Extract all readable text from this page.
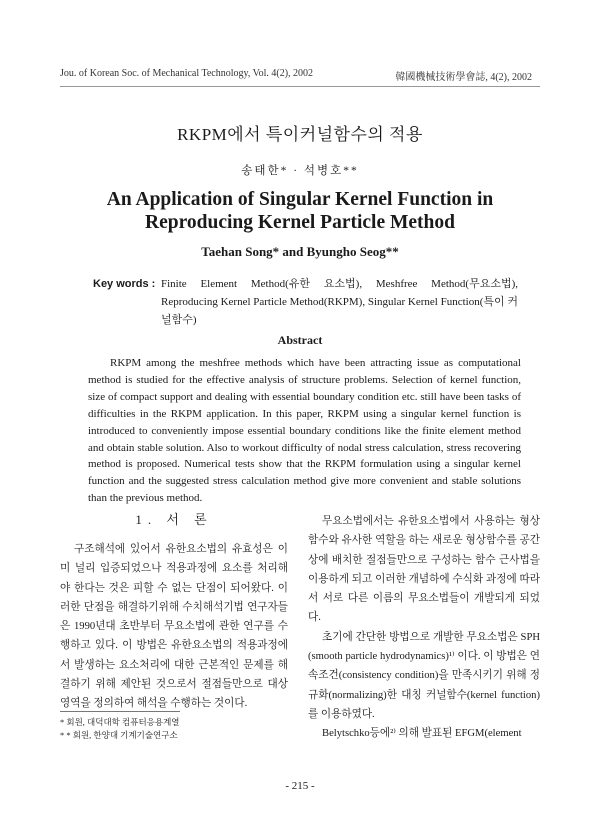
Jou. of Korean Soc. of Mechanical Technology, Vol. 4(2), 2002	韓國機械技術學會誌, 4(2), 2002
RKPM에서 특이커널함수의 적용
송태한* · 석병호**
An Application of Singular Kernel Function in
Reproducing Kernel Particle Method
Taehan Song* and Byungho Seog**
Key words : Finite Element Method(유한 요소법), Meshfree Method(무요소법), Reproducing Kernel Particle Method(RKPM), Singular Kernel Function(특이 커널함수)
Abstract
RKPM among the meshfree methods which have been attracting issue as computational method is studied for the effective analysis of structure problems. Selection of kernel function, size of compact support and dealing with essential boundary condition etc. still have been tasks of difficulties in the RKPM application. In this paper, RKPM using a singular kernel function is introduced to conveniently impose essential boundary conditions like the finite element method and obtain stable solution. Also to workout difficulty of nodal stress calculation, stress recovering method is proposed. Numerical tests show that the RKPM formulation using a singular kernel function and the suggested stress calculation method give more convenient and stable solutions than the previous method.
1. 서 론

구조해석에 있어서 유한요소법의 유효성은 이미 널리 입증되었으나 적용과정에 요소를 처리해야 한다는 것은 피할 수 없는 단점이 되어왔다. 이러한 단점을 해결하기위해 수치해석기법 연구자들은 1990년대 초반부터 무요소법에 관한 연구를 수행하고 있다. 이 방법은 유한요소법의 적용과정에서 발생하는 요소처리에 대한 근본적인 문제를 해결하기 위해 제안된 것으로서 절점들만으로 대상영역을 정의하여 해석을 수행하는 것이다.

무요소법에서는 유한요소법에서 사용하는 형상함수와 유사한 역할을 하는 새로운 형상함수를 공간상에 배치한 절점들만으로 구성하는 함수 근사법을 이용하게 되고 이러한 개념하에 수식화 과정에 따라서 서로 다른 이름의 무요소법들이 개발되게 되었다.

초기에 간단한 방법으로 개발한 무요소법은 SPH (smooth particle hydrodynamics)¹⁾ 이다. 이 방법은 연속조건(consistency condition)을 만족시키기 위해 정규화(normalizing)한 대칭 커널함수(kernel function)를 이용하였다.

Belytschko등에²⁾ 의해 발표된 EFGM(element

* 회원, 대덕대학 컴퓨터응용계열
* * 회원, 한양대 기계기술연구소
- 215 -
